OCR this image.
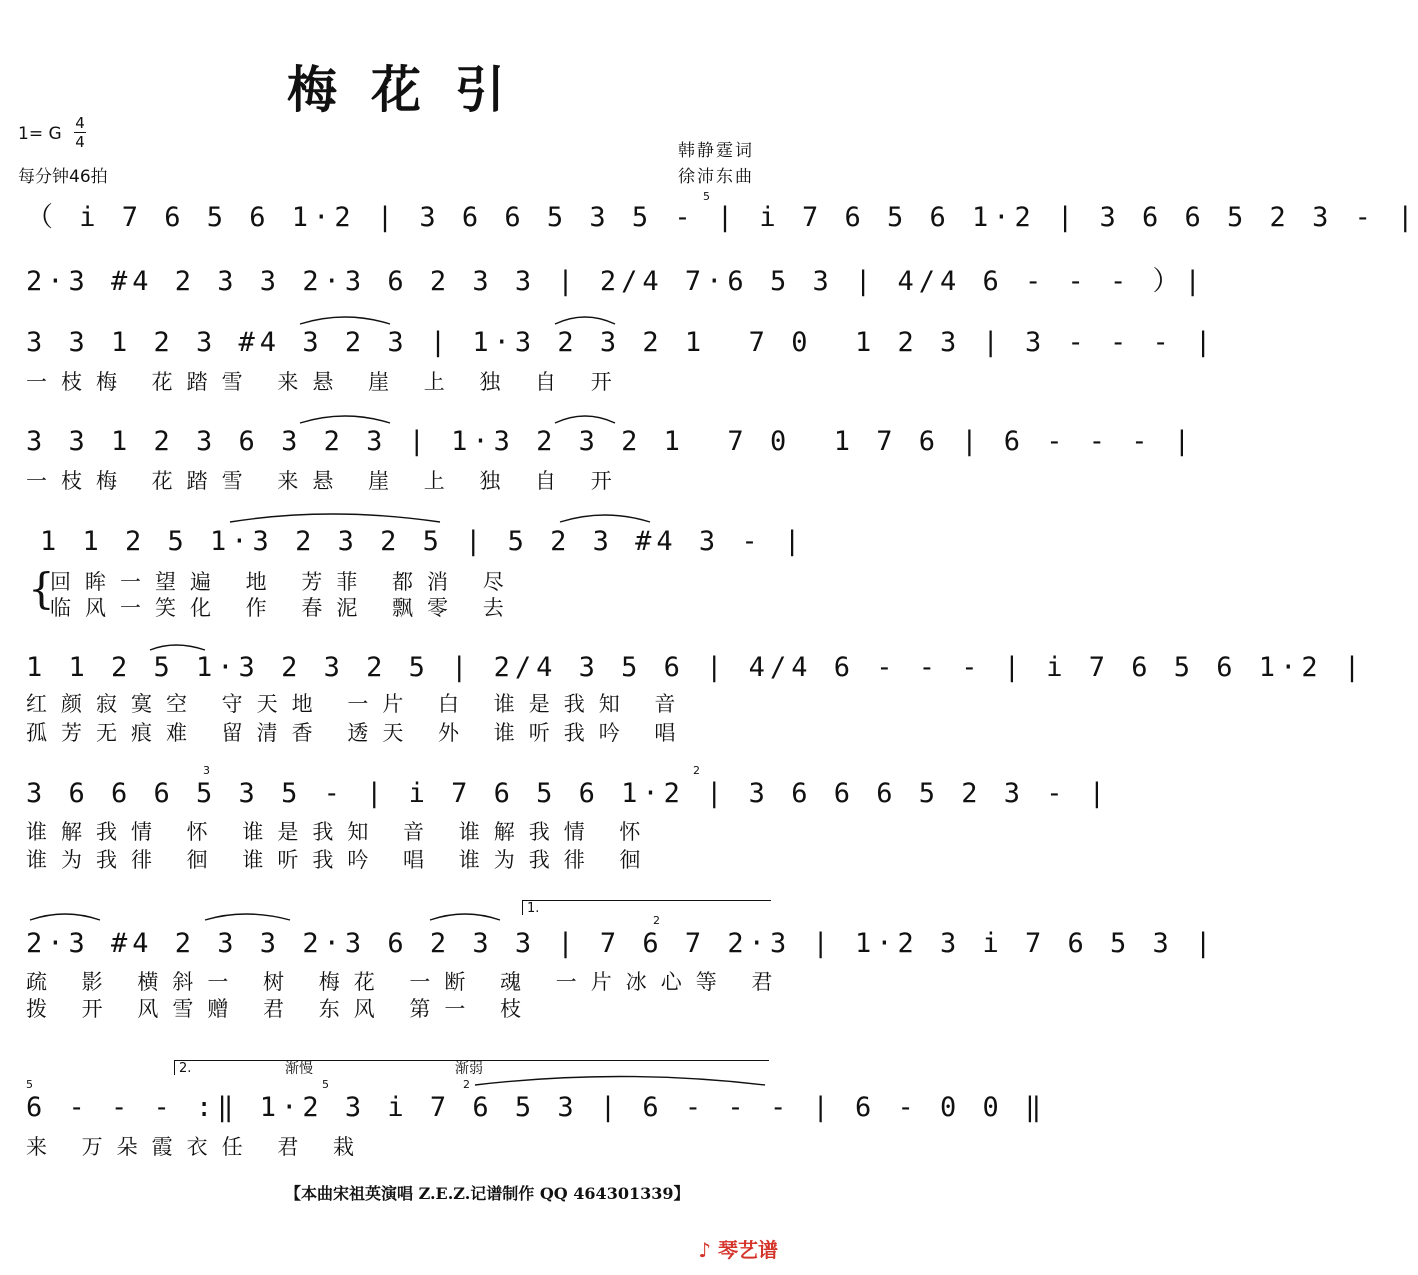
梅花引
1= G
4
4
每分钟46拍
韩静霆词
徐沛东曲
（ i 7 6 5 6 1·2 | 3 6 6 5 3 5 - | i 7 6 5 6 1·2 | 3 6 6 5 2 3 - |
2·3 #4 2 3 3 2·3 6 2 3 3 | 2/4 7·6 5 3 | 4/4 6 - - - ）|
3 3 1 2 3 #4 3 2 3 | 1·3 2 3 2 1  7 0  1 2 3 | 3 - - - |
一枝梅 花踏雪 来悬 崖 上 独 自 开
3 3 1 2 3 6 3 2 3 | 1·3 2 3 2 1  7 0  1 7 6 | 6 - - - |
一枝梅 花踏雪 来悬 崖 上 独 自 开
1 1 2 5 1·3 2 3 2 5 | 5 2 3 #4 3 - |
{
回眸一望遍 地 芳菲 都消 尽
临风一笑化 作 春泥 飘零 去
1 1 2 5 1·3 2 3 2 5 | 2/4 3 5 6 | 4/4 6 - - - | i 7 6 5 6 1·2 |
红颜寂寞空 守天地 一片 白 谁是我知 音
孤芳无痕难 留清香 透天 外 谁听我吟 唱
3 6 6 6 5 3 5 - | i 7 6 5 6 1·2 | 3 6 6 6 5 2 3 - |
谁解我情 怀 谁是我知 音 谁解我情 怀
谁为我徘 徊 谁听我吟 唱 谁为我徘 徊
1.
2·3 #4 2 3 3 2·3 6 2 3 3 | 7 6 7 2·3 | 1·2 3 i 7 6 5 3 |
疏 影 横斜一 树 梅花 一断 魂 一片冰心等 君
拨 开 风雪赠 君 东风 第一 枝
2.	渐慢	渐弱
6 - - - :‖ 1·2 3 i 7 6 5 3 | 6 - - - | 6 - 0 0 ‖
来 万朵霞衣任 君 栽
5
3	2
2
5
5	2
【本曲宋祖英演唱 Z.E.Z.记谱制作 QQ 464301339】
♪ 琴艺谱
